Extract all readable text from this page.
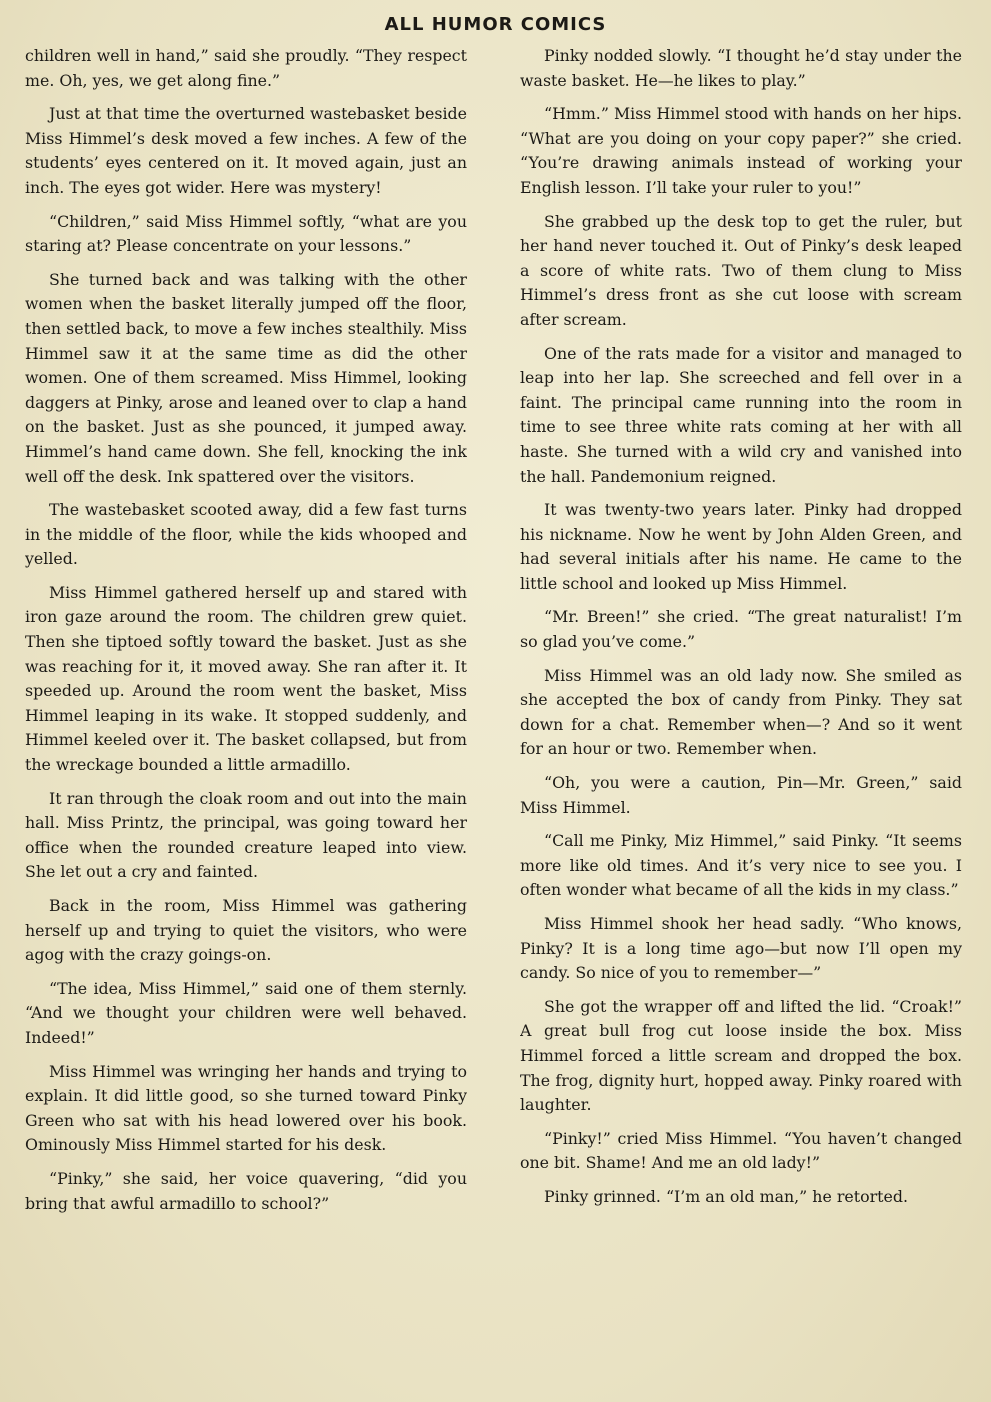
ALL HUMOR COMICS

children well in hand,” said she proudly. “They respect me. Oh, yes, we get along fine.”

Just at that time the overturned wastebasket beside Miss Himmel’s desk moved a few inches. A few of the students’ eyes centered on it. It moved again, just an inch. The eyes got wider. Here was mystery!

“Children,” said Miss Himmel softly, “what are you staring at? Please concentrate on your lessons.”

She turned back and was talking with the other women when the basket literally jumped off the floor, then settled back, to move a few inches stealthily. Miss Himmel saw it at the same time as did the other women. One of them screamed. Miss Himmel, looking daggers at Pinky, arose and leaned over to clap a hand on the basket. Just as she pounced, it jumped away. Himmel’s hand came down. She fell, knocking the ink well off the desk. Ink spattered over the visitors.

The wastebasket scooted away, did a few fast turns in the middle of the floor, while the kids whooped and yelled.

Miss Himmel gathered herself up and stared with iron gaze around the room. The children grew quiet. Then she tiptoed softly toward the basket. Just as she was reaching for it, it moved away. She ran after it. It speeded up. Around the room went the basket, Miss Himmel leaping in its wake. It stopped suddenly, and Himmel keeled over it. The basket collapsed, but from the wreckage bounded a little armadillo.

It ran through the cloak room and out into the main hall. Miss Printz, the principal, was going toward her office when the rounded creature leaped into view. She let out a cry and fainted.

Back in the room, Miss Himmel was gathering herself up and trying to quiet the visitors, who were agog with the crazy goings-on.

“The idea, Miss Himmel,” said one of them sternly. “And we thought your children were well behaved. Indeed!”

Miss Himmel was wringing her hands and trying to explain. It did little good, so she turned toward Pinky Green who sat with his head lowered over his book. Ominously Miss Himmel started for his desk.

“Pinky,” she said, her voice quavering, “did you bring that awful armadillo to school?”

Pinky nodded slowly. “I thought he’d stay under the waste basket. He—he likes to play.”

“Hmm.” Miss Himmel stood with hands on her hips. “What are you doing on your copy paper?” she cried. “You’re drawing animals instead of working your English lesson. I’ll take your ruler to you!”

She grabbed up the desk top to get the ruler, but her hand never touched it. Out of Pinky’s desk leaped a score of white rats. Two of them clung to Miss Himmel’s dress front as she cut loose with scream after scream.

One of the rats made for a visitor and managed to leap into her lap. She screeched and fell over in a faint. The principal came running into the room in time to see three white rats coming at her with all haste. She turned with a wild cry and vanished into the hall. Pandemonium reigned.

It was twenty-two years later. Pinky had dropped his nickname. Now he went by John Alden Green, and had several initials after his name. He came to the little school and looked up Miss Himmel.

“Mr. Breen!” she cried. “The great naturalist! I’m so glad you’ve come.”

Miss Himmel was an old lady now. She smiled as she accepted the box of candy from Pinky. They sat down for a chat. Remember when—? And so it went for an hour or two. Remember when.

“Oh, you were a caution, Pin—Mr. Green,” said Miss Himmel.

“Call me Pinky, Miz Himmel,” said Pinky. “It seems more like old times. And it’s very nice to see you. I often wonder what became of all the kids in my class.”

Miss Himmel shook her head sadly. “Who knows, Pinky? It is a long time ago—but now I’ll open my candy. So nice of you to remember—”

She got the wrapper off and lifted the lid. “Croak!” A great bull frog cut loose inside the box. Miss Himmel forced a little scream and dropped the box. The frog, dignity hurt, hopped away. Pinky roared with laughter.

“Pinky!” cried Miss Himmel. “You haven’t changed one bit. Shame! And me an old lady!”

Pinky grinned. “I’m an old man,” he retorted.
